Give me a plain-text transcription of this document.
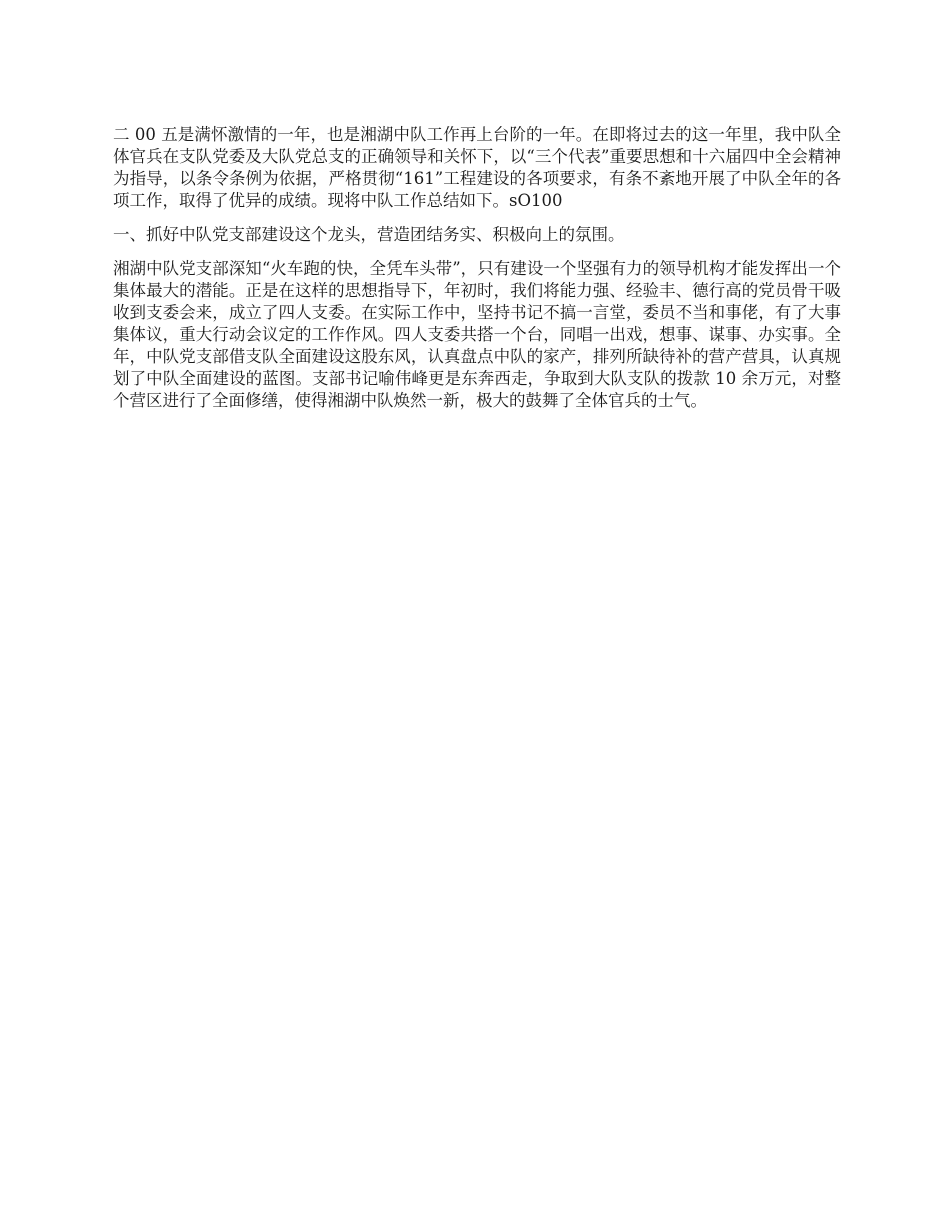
二 00 五是满怀激情的一年，也是湘湖中队工作再上台阶的一年。在即将过去的这一年里，我中队全体官兵在支队党委及大队党总支的正确领导和关怀下，以“三个代表”重要思想和十六届四中全会精神为指导，以条令条例为依据，严格贯彻“161”工程建设的各项要求，有条不紊地开展了中队全年的各项工作，取得了优异的成绩。现将中队工作总结如下。sO100

一、抓好中队党支部建设这个龙头，营造团结务实、积极向上的氛围。

湘湖中队党支部深知“火车跑的快，全凭车头带”，只有建设一个坚强有力的领导机构才能发挥出一个集体最大的潜能。正是在这样的思想指导下，年初时，我们将能力强、经验丰、德行高的党员骨干吸收到支委会来，成立了四人支委。在实际工作中，坚持书记不搞一言堂，委员不当和事佬，有了大事集体议，重大行动会议定的工作作风。四人支委共搭一个台，同唱一出戏，想事、谋事、办实事。全年，中队党支部借支队全面建设这股东风，认真盘点中队的家产，排列所缺待补的营产营具，认真规划了中队全面建设的蓝图。支部书记喻伟峰更是东奔西走，争取到大队支队的拨款 10 余万元，对整个营区进行了全面修缮，使得湘湖中队焕然一新，极大的鼓舞了全体官兵的士气。
